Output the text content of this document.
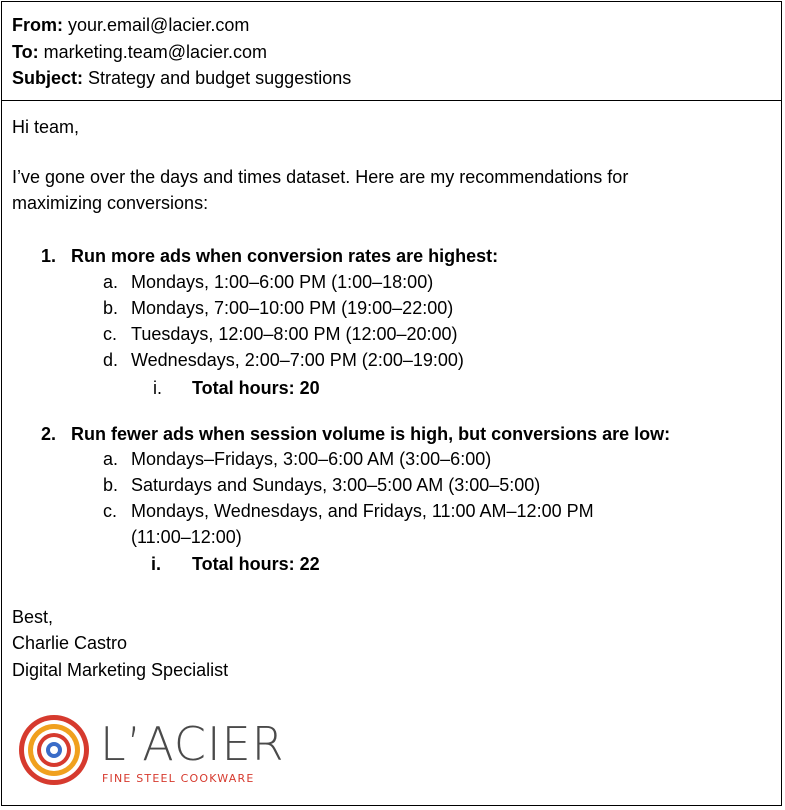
From: your.email@lacier.com
To: marketing.team@lacier.com
Subject: Strategy and budget suggestions
Hi team,
I’ve gone over the days and times dataset. Here are my recommendations for
maximizing conversions:
1. Run more ads when conversion rates are highest:
a. Mondays, 1:00–6:00 PM (1:00–18:00)
b. Mondays, 7:00–10:00 PM (19:00–22:00)
c. Tuesdays, 12:00–8:00 PM (12:00–20:00)
d. Wednesdays, 2:00–7:00 PM (2:00–19:00)
i. Total hours: 20
2. Run fewer ads when session volume is high, but conversions are low:
a. Mondays–Fridays, 3:00–6:00 AM (3:00–6:00)
b. Saturdays and Sundays, 3:00–5:00 AM (3:00–5:00)
c. Mondays, Wednesdays, and Fridays, 11:00 AM–12:00 PM
(11:00–12:00)
i. Total hours: 22
Best,
Charlie Castro
Digital Marketing Specialist
L’ACIER
FINE STEEL COOKWARE
